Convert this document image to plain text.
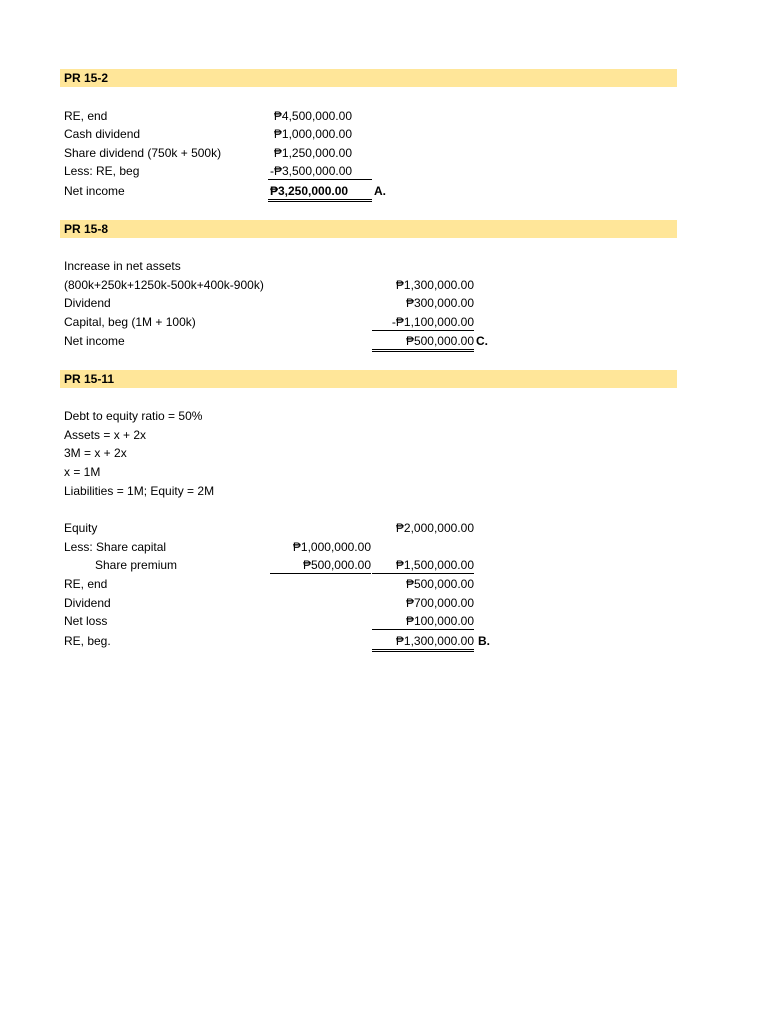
PR 15-2
RE, end	₱4,500,000.00
Cash dividend	₱1,000,000.00
Share dividend (750k + 500k)	₱1,250,000.00
Less: RE, beg	-₱3,500,000.00
Net income	₱3,250,000.00	A.
PR 15-8
Increase in net assets
(800k+250k+1250k-500k+400k-900k)	₱1,300,000.00
Dividend	₱300,000.00
Capital, beg (1M + 100k)	-₱1,100,000.00
Net income	₱500,000.00 C.
PR 15-11
Debt to equity ratio = 50%
Assets = x + 2x
3M = x + 2x
x = 1M
Liabilities = 1M; Equity = 2M
Equity	₱2,000,000.00
Less: Share capital	₱1,000,000.00
Share premium	₱500,000.00	₱1,500,000.00
RE, end	₱500,000.00
Dividend	₱700,000.00
Net loss	₱100,000.00
RE, beg.	₱1,300,000.00 B.
